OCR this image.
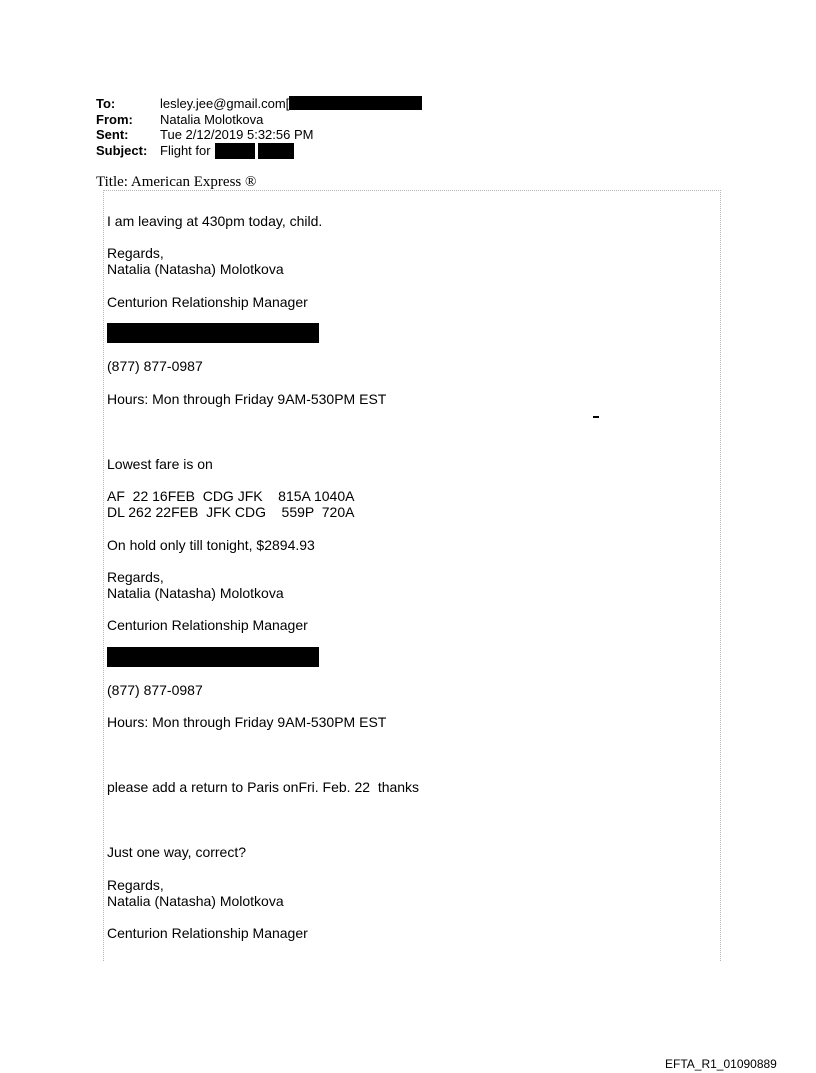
To:	lesley.jee@gmail.com[
From:	Natalia Molotkova
Sent:	Tue 2/12/2019 5:32:56 PM
Subject: Flight for
Title: American Express ®
I am leaving at 430pm today, child.
Regards,
Natalia (Natasha) Molotkova
Centurion Relationship Manager
(877) 877-0987
Hours: Mon through Friday 9AM-530PM EST
Lowest fare is on
AF  22 16FEB  CDG JFK    815A 1040A
DL 262 22FEB  JFK CDG    559P  720A
On hold only till tonight, $2894.93
Regards,
Natalia (Natasha) Molotkova
Centurion Relationship Manager
(877) 877-0987
Hours: Mon through Friday 9AM-530PM EST
please add a return to Paris onFri. Feb. 22  thanks
Just one way, correct?
Regards,
Natalia (Natasha) Molotkova
Centurion Relationship Manager
EFTA_R1_01090889
